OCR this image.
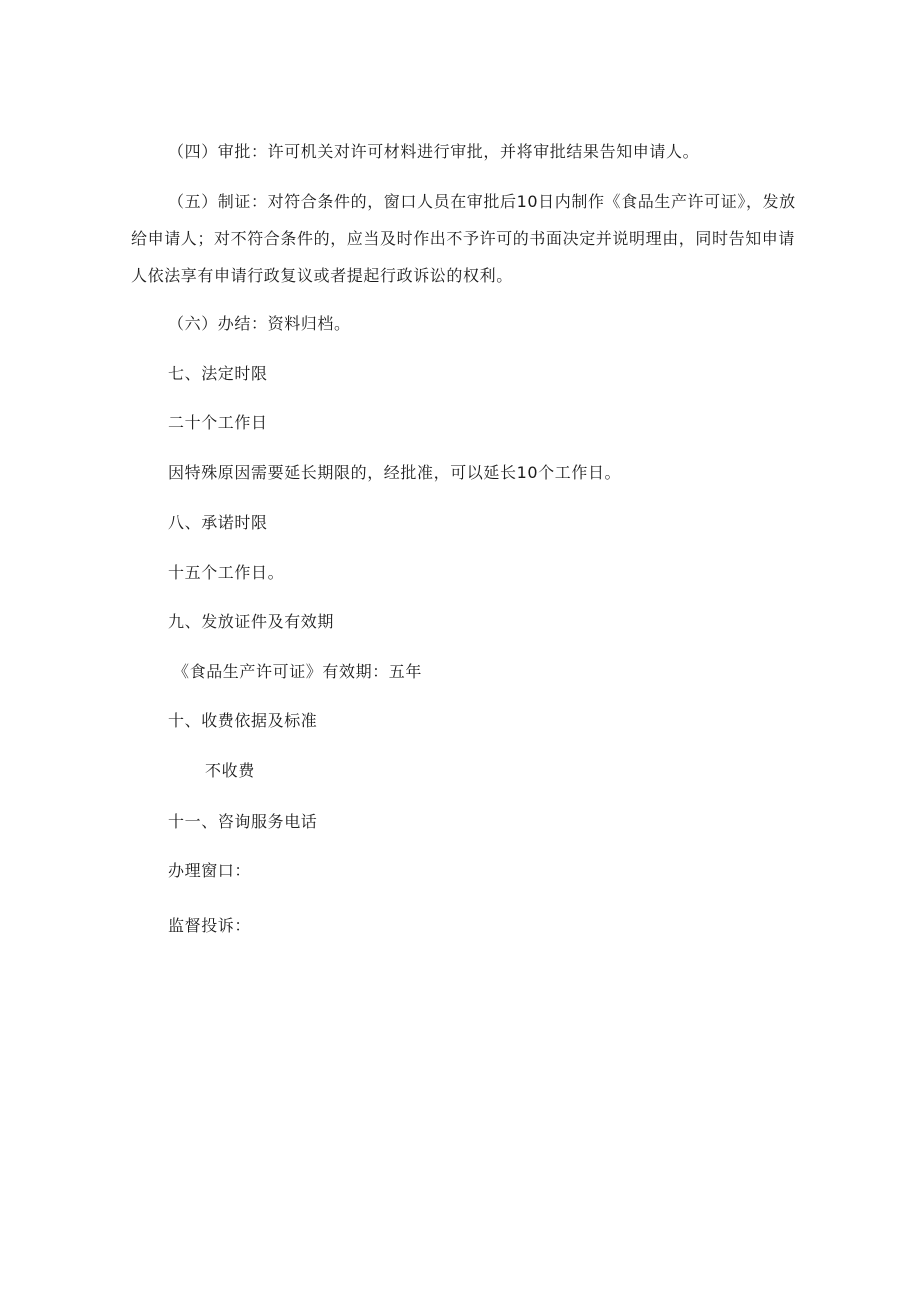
（四）审批：许可机关对许可材料进行审批，并将审批结果告知申请人。
（五）制证：对符合条件的，窗口人员在审批后10日内制作《食品生产许可证》，发放给申请人；对不符合条件的，应当及时作出不予许可的书面决定并说明理由，同时告知申请人依法享有申请行政复议或者提起行政诉讼的权利。
（六）办结：资料归档。
七、法定时限
二十个工作日
因特殊原因需要延长期限的，经批准，可以延长10个工作日。
八、承诺时限
十五个工作日。
九、发放证件及有效期
《食品生产许可证》有效期：五年
十、收费依据及标准
不收费
十一、咨询服务电话
办理窗口：
监督投诉：
